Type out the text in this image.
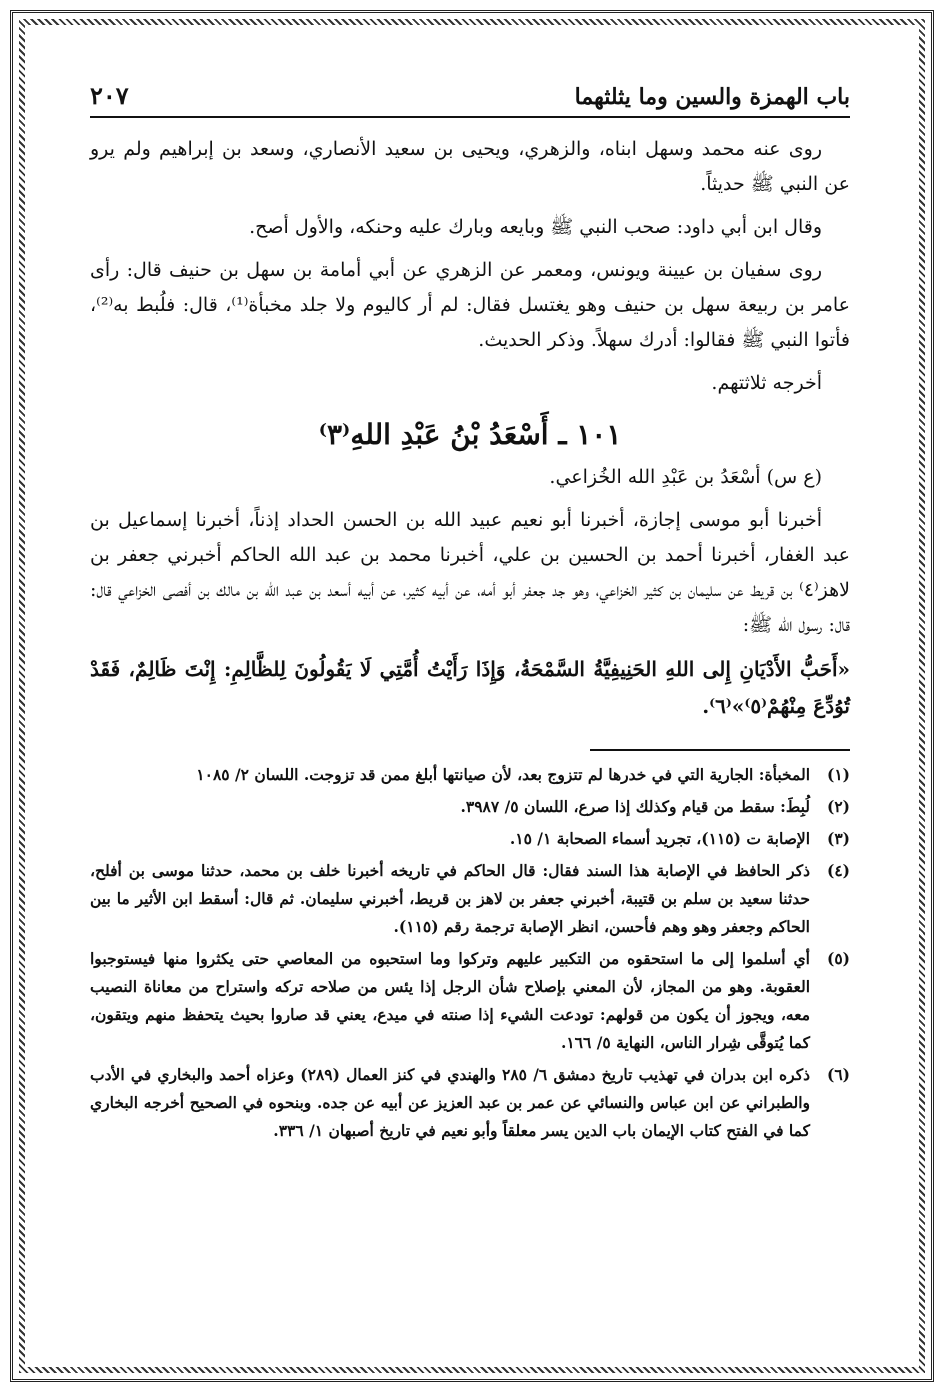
باب الهمزة والسين وما يثلثهما
٢٠٧

روى عنه محمد وسهل ابناه، والزهري، ويحيى بن سعيد الأنصاري، وسعد بن إبراهيم ولم يرو عن النبي ﷺ حديثاً.

وقال ابن أبي داود: صحب النبي ﷺ وبايعه وبارك عليه وحنكه، والأول أصح.

روى سفيان بن عيينة ويونس، ومعمر عن الزهري عن أبي أمامة بن سهل بن حنيف قال: رأى عامر بن ربيعة سهل بن حنيف وهو يغتسل فقال: لم أر كاليوم ولا جلد مخبأة⁽¹⁾، قال: فلُبط به⁽²⁾، فأتوا النبي ﷺ فقالوا: أدرك سهلاً. وذكر الحديث.

أخرجه ثلاثتهم.

١٠١ ـ أَسْعَدُ بْنُ عَبْدِ اللهِ⁽٣⁾

(ع س) أسْعَدُ بن عَبْدِ الله الخُزاعي.

أخبرنا أبو موسى إجازة، أخبرنا أبو نعيم عبيد الله بن الحسن الحداد إذناً، أخبرنا إسماعيل بن عبد الغفار، أخبرنا أحمد بن الحسين بن علي، أخبرنا محمد بن عبد الله الحاكم أخبرني جعفر بن لاهز⁽٤⁾ بن قريط عن سليمان بن كثير الخزاعي، وهو جد جعفر أبو أمه، عن أبيه كثير، عن أبيه أسعد بن عبد الله بن مالك بن أفصى الخزاعي قال: قال: رسول الله ﷺ:

«أَحَبُّ الأَدْيَانِ إِلى اللهِ الحَنِيفِيَّةُ السَّمْحَةُ، وَإِذَا رَأَيْتُ أُمَّتِي لَا يَقُولُونَ لِلظَّالِمِ: إِنْتَ ظَالِمٌ، فَقَدْ تُوُدِّعَ مِنْهُمْ⁽٥⁾»⁽٦⁾.

(١)
المخبأة: الجارية التي في خدرها لم تتزوج بعد، لأن صيانتها أبلغ ممن قد تزوجت. اللسان ٢/ ١٠٨٥
(٢)
لُبِطَ: سقط من قيام وكذلك إذا صرع، اللسان ٥/ ٣٩٨٧.
(٣)
الإصابة ت (١١٥)، تجريد أسماء الصحابة ١/ ١٥.
(٤)
ذكر الحافظ في الإصابة هذا السند فقال: قال الحاكم في تاريخه أخبرنا خلف بن محمد، حدثنا موسى بن أفلح، حدثنا سعيد بن سلم بن قتيبة، أخبرني جعفر بن لاهز بن قريط، أخبرني سليمان. ثم قال: أسقط ابن الأثير ما بين الحاكم وجعفر وهو وهم فأحسن، انظر الإصابة ترجمة رقم (١١٥).
(٥)
أي أسلموا إلى ما استحقوه من التكبير عليهم وتركوا وما استحبوه من المعاصي حتى يكثروا منها فيستوجبوا العقوبة. وهو من المجاز، لأن المعني بإصلاح شأن الرجل إذا يئس من صلاحه تركه واستراح من معاناة النصيب معه، ويجوز أن يكون من قولهم: تودعت الشيء إذا صنته في ميدع، يعني قد صاروا بحيث يتحفظ منهم ويتقون، كما يُتوقَّى شِرار الناس، النهاية ٥/ ١٦٦.
(٦)
ذكره ابن بدران في تهذيب تاريخ دمشق ٦/ ٢٨٥ والهندي في كنز العمال (٢٨٩) وعزاه أحمد والبخاري في الأدب والطبراني عن ابن عباس والنسائي عن عمر بن عبد العزيز عن أبيه عن جده. وبنحوه في الصحيح أخرجه البخاري كما في الفتح كتاب الإيمان باب الدين يسر معلقاً وأبو نعيم في تاريخ أصبهان ١/ ٣٣٦.
